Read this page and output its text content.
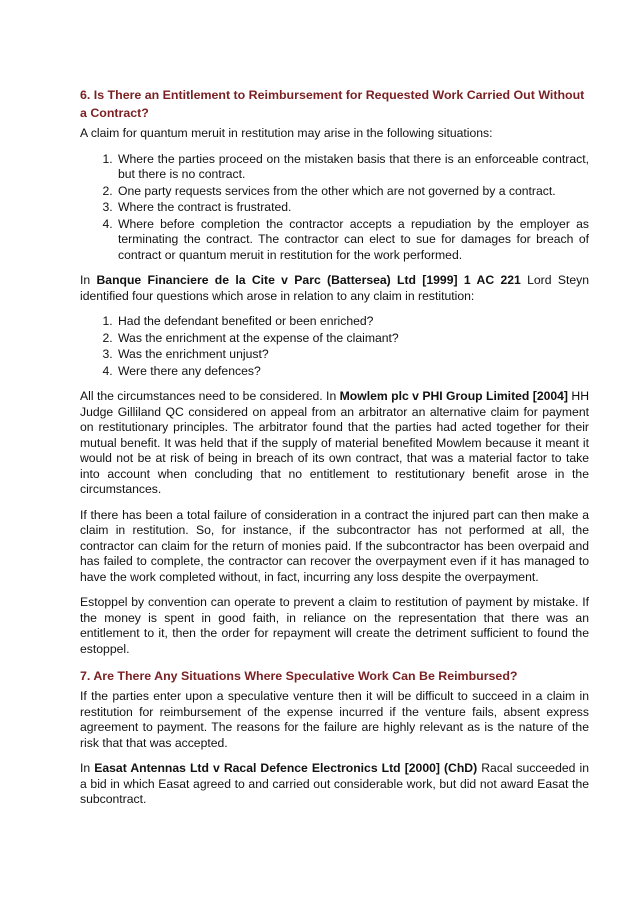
6. Is There an Entitlement to Reimbursement for Requested Work Carried Out Without a Contract?

A claim for quantum meruit in restitution may arise in the following situations:

1. Where the parties proceed on the mistaken basis that there is an enforceable contract, but there is no contract.
2. One party requests services from the other which are not governed by a contract.
3. Where the contract is frustrated.
4. Where before completion the contractor accepts a repudiation by the employer as terminating the contract. The contractor can elect to sue for damages for breach of contract or quantum meruit in restitution for the work performed.

In Banque Financiere de la Cite v Parc (Battersea) Ltd [1999] 1 AC 221 Lord Steyn identified four questions which arose in relation to any claim in restitution:

1. Had the defendant benefited or been enriched?
2. Was the enrichment at the expense of the claimant?
3. Was the enrichment unjust?
4. Were there any defences?

All the circumstances need to be considered. In Mowlem plc v PHI Group Limited [2004] HH Judge Gilliland QC considered on appeal from an arbitrator an alternative claim for payment on restitutionary principles. The arbitrator found that the parties had acted together for their mutual benefit. It was held that if the supply of material benefited Mowlem because it meant it would not be at risk of being in breach of its own contract, that was a material factor to take into account when concluding that no entitlement to restitutionary benefit arose in the circumstances.

If there has been a total failure of consideration in a contract the injured part can then make a claim in restitution. So, for instance, if the subcontractor has not performed at all, the contractor can claim for the return of monies paid. If the subcontractor has been overpaid and has failed to complete, the contractor can recover the overpayment even if it has managed to have the work completed without, in fact, incurring any loss despite the overpayment.

Estoppel by convention can operate to prevent a claim to restitution of payment by mistake. If the money is spent in good faith, in reliance on the representation that there was an entitlement to it, then the order for repayment will create the detriment sufficient to found the estoppel.

7. Are There Any Situations Where Speculative Work Can Be Reimbursed?

If the parties enter upon a speculative venture then it will be difficult to succeed in a claim in restitution for reimbursement of the expense incurred if the venture fails, absent express agreement to payment. The reasons for the failure are highly relevant as is the nature of the risk that that was accepted.

In Easat Antennas Ltd v Racal Defence Electronics Ltd [2000] (ChD) Racal succeeded in a bid in which Easat agreed to and carried out considerable work, but did not award Easat the subcontract.
